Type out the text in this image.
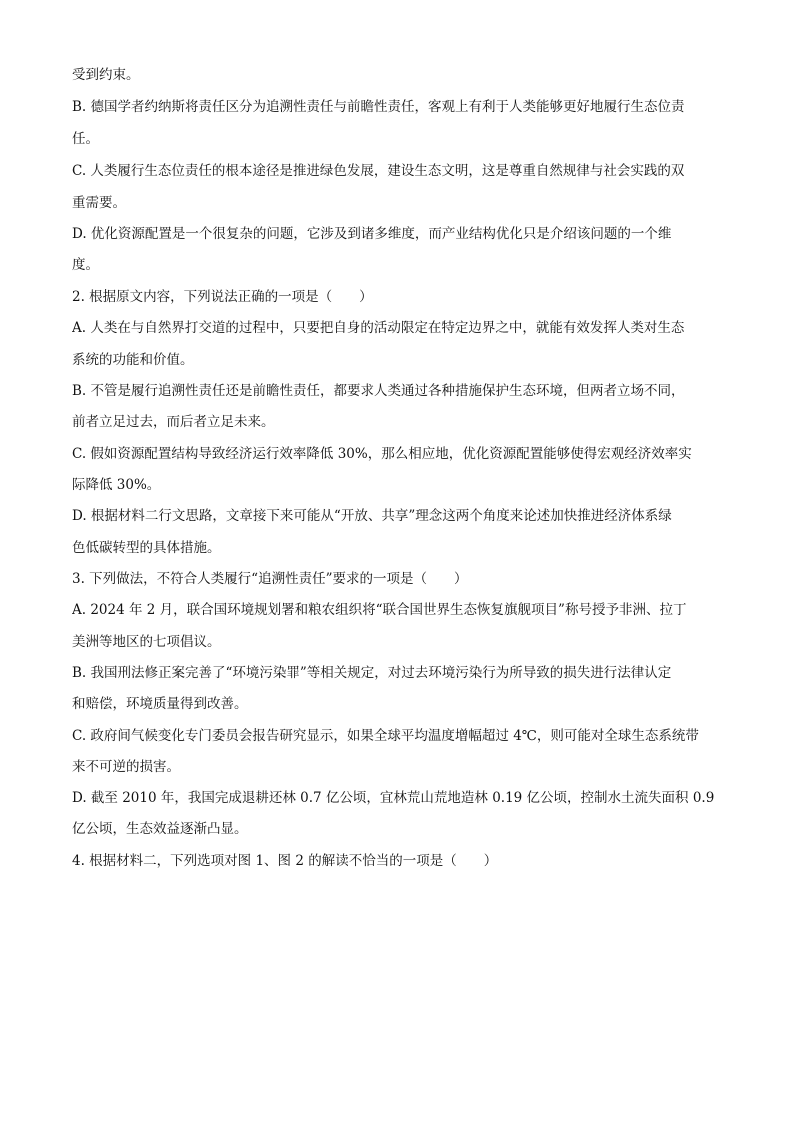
受到约束。
B. 德国学者约纳斯将责任区分为追溯性责任与前瞻性责任，客观上有利于人类能够更好地履行生态位责
任。
C. 人类履行生态位责任的根本途径是推进绿色发展，建设生态文明，这是尊重自然规律与社会实践的双
重需要。
D. 优化资源配置是一个很复杂的问题，它涉及到诸多维度，而产业结构优化只是介绍该问题的一个维
度。
2. 根据原文内容，下列说法正确的一项是（　　）
A. 人类在与自然界打交道的过程中，只要把自身的活动限定在特定边界之中，就能有效发挥人类对生态
系统的功能和价值。
B. 不管是履行追溯性责任还是前瞻性责任，都要求人类通过各种措施保护生态环境，但两者立场不同，
前者立足过去，而后者立足未来。
C. 假如资源配置结构导致经济运行效率降低 30%，那么相应地，优化资源配置能够使得宏观经济效率实
际降低 30%。
D. 根据材料二行文思路，文章接下来可能从“开放、共享”理念这两个角度来论述加快推进经济体系绿
色低碳转型的具体措施。
3. 下列做法，不符合人类履行“追溯性责任”要求的一项是（　　）
A. 2024 年 2 月，联合国环境规划署和粮农组织将“联合国世界生态恢复旗舰项目”称号授予非洲、拉丁
美洲等地区的七项倡议。
B. 我国刑法修正案完善了“环境污染罪”等相关规定，对过去环境污染行为所导致的损失进行法律认定
和赔偿，环境质量得到改善。
C. 政府间气候变化专门委员会报告研究显示，如果全球平均温度增幅超过 4℃，则可能对全球生态系统带
来不可逆的损害。
D. 截至 2010 年，我国完成退耕还林 0.7 亿公顷，宜林荒山荒地造林 0.19 亿公顷，控制水土流失面积 0.9
亿公顷，生态效益逐渐凸显。
4. 根据材料二，下列选项对图 1、图 2 的解读不恰当的一项是（　　）
